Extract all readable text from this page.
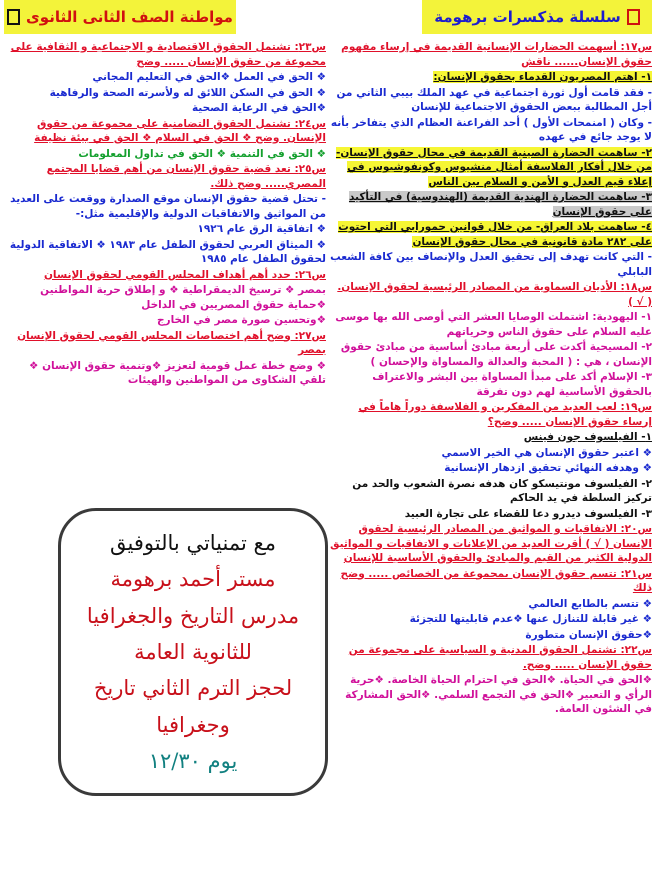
سلسلة مذكسرات برهومة
مواطنة الصف الثانى الثانوى

س١٧: أسهمت الحضارات الإنسانية القديمة في إرساء مفهوم حقوق الإنسان...... ناقش

١- اهتم المصريون القدماء بحقوق الإنسان:

- فقد قامت أول ثورة اجتماعية في عهد الملك بيبي الثاني من أجل المطالبة ببعض الحقوق الاجتماعية للإنسان

- وكان ( امنمحات الأول ) أحد الفراعنة العظام الذي يتفاخر بأنه لا يوجد جائع في عهده

٢- ساهمت الحضارة الصينية القديمة في مجال حقوق الإنسان- من خلال أفكار الفلاسفة أمثال منشيوس وكونفوشيوس في إعلاء قيم العدل و الأمن و السلام بين الناس

٣- ساهمت الحضارة الهندية القديمة (الهندوسية) في التأكيد على حقوق الإنسان

٤- ساهمت بلاد العراق- من خلال قوانين حمورابي التي احتوت على ٢٨٢ مادة قانونية في مجال حقوق الإنسان

- التي كانت تهدف إلى تحقيق العدل والإنصاف بين كافة الشعب البابلي

س١٨: الأديان السماوية من المصادر الرئيسية لحقوق الإنسان. ( √ )

١- اليهودية: اشتملت الوصايا العشر التي أوصى الله بها موسى عليه السلام على حقوق الناس وحرياتهم

٢- المسيحية أكدت على أربعة مبادئ أساسية من مبادئ حقوق الإنسان ، هي : ( المحبة والعدالة والمساواة والإحسان )

٣- الإسلام أكد على مبدأ المساواة بين البشر والاعتراف بالحقوق الأساسية لهم دون تفرقة

س١٩: لعب العديد من المفكرين و الفلاسفة دوراً هاماً في إرساء حقوق الإنسان ..... وضح؟

١- الفيلسوف جون فينس

❖ اعتبر حقوق الإنسان هي الخير الاسمي

❖ وهدفه النهائي تحقيق ازدهار الإنسانية

٢- الفيلسوف مونتيسكو كان هدفه نصرة الشعوب والحد من تركيز السلطة في يد الحاكم

٣- الفيلسوف ديدرو دعا للقضاء على تجارة العبيد

س٢٠: الاتفاقيات و المواثيق من المصادر الرئيسية لحقوق الإنسان ( √ ) أقرت العديد من الإعلانات و الاتفاقيات و المواثيق الدولية الكثير من القيم والمبادئ والحقوق الأساسية للإنسان

س٢١: تتسم حقوق الإنسان بمجموعة من الخصائص ..... وضح ذلك

❖ تتسم بالطابع العالمي

❖ غير قابلة للتنازل عنها ❖عدم قابليتها للتجزئة

❖حقوق الإنسان متطورة

س٢٢: تشتمل الحقوق المدنية و السياسية على مجموعة من حقوق الإنسان ..... وضح.

❖الحق في الحياة. ❖الحق في احترام الحياة الخاصة. ❖حرية الرأي و التعبير ❖الحق في التجمع السلمي. ❖الحق المشاركة في الشئون العامة.

س٢٣: تشتمل الحقوق الاقتصادية و الاجتماعية و الثقافية على مجموعة من حقوق الإنسان ..... وضح

❖ الحق في العمل ❖الحق في التعليم المجاني

❖ الحق في السكن اللائق له ولأسرته الصحة والرفاهية

❖الحق في الرعاية الصحية

س٢٤: تشتمل الحقوق التضامنية على مجموعة من حقوق الإنسان. وضح ❖ الحق في السلام ❖ الحق في بيئة نظيفة

❖ الحق في التنمية ❖ الحق في تداول المعلومات

س٢٥: تعد قضية حقوق الإنسان من أهم قضايا المجتمع المصري..... وضح ذلك.

- تحتل قضية حقوق الإنسان موقع الصدارة ووقعت على العديد من المواثيق والاتفاقيات الدولية والإقليمية مثل:-

❖ اتفاقية الرق عام ١٩٢٦

❖ الميثاق العربي لحقوق الطفل عام ١٩٨٣ ❖ الاتفاقية الدولية لحقوق الطفل عام ١٩٨٥

س٢٦: حدد أهم أهداف المجلس القومي لحقوق الإنسان

بمصر ❖ ترسيخ الديمقراطية ❖ و إطلاق حرية المواطنين ❖حماية حقوق المصريين في الداخل

❖وتحسين صورة مصر في الخارج

س٢٧: وضح أهم اختصاصات المجلس القومي لحقوق الإنسان بمصر

❖ وضع خطة عمل قومية لتعزيز ❖وتنمية حقوق الإنسان ❖ تلقي الشكاوى من المواطنين والهيئات

مع تمنياتي بالتوفيق
مستر أحمد برهومة
مدرس التاريخ والجغرافيا
للثانوية العامة
لحجز الترم الثاني تاريخ
وجغرافيا
يوم ١٢/٣٠
